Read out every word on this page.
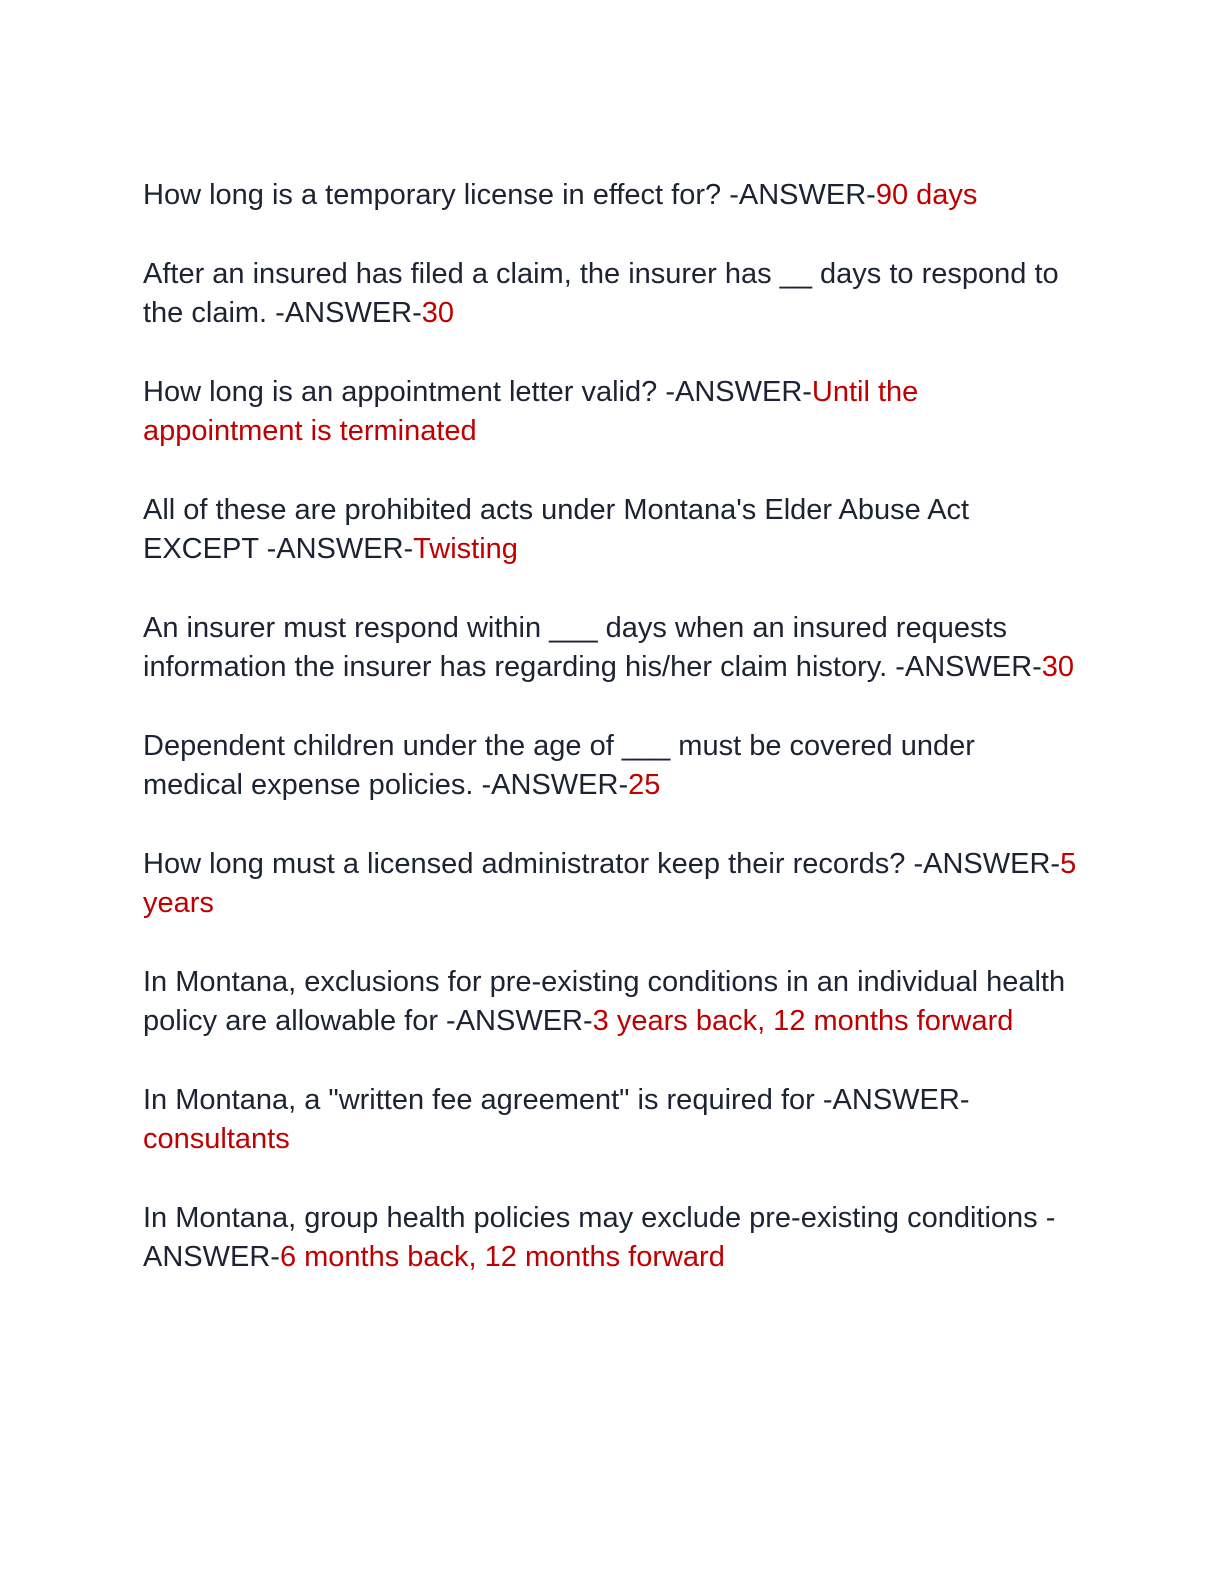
How long is a temporary license in effect for? -ANSWER-90 days
After an insured has filed a claim, the insurer has __ days to respond to the claim. -ANSWER-30
How long is an appointment letter valid? -ANSWER-Until the appointment is terminated
All of these are prohibited acts under Montana's Elder Abuse Act EXCEPT -ANSWER-Twisting
An insurer must respond within ___ days when an insured requests information the insurer has regarding his/her claim history. -ANSWER-30
Dependent children under the age of ___ must be covered under medical expense policies. -ANSWER-25
How long must a licensed administrator keep their records? -ANSWER-5 years
In Montana, exclusions for pre-existing conditions in an individual health policy are allowable for -ANSWER-3 years back, 12 months forward
In Montana, a "written fee agreement" is required for -ANSWER-consultants
In Montana, group health policies may exclude pre-existing conditions -ANSWER-6 months back, 12 months forward
